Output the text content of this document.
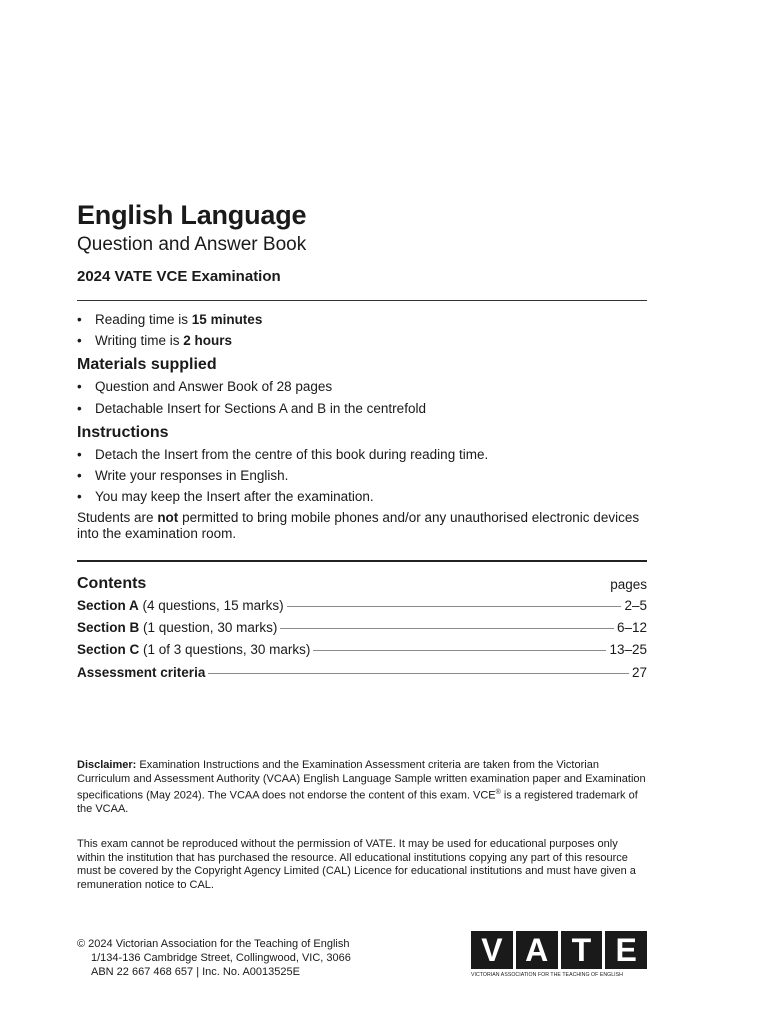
English Language
Question and Answer Book
2024 VATE VCE Examination
• Reading time is 15 minutes
• Writing time is 2 hours
Materials supplied
• Question and Answer Book of 28 pages
• Detachable Insert for Sections A and B in the centrefold
Instructions
• Detach the Insert from the centre of this book during reading time.
• Write your responses in English.
• You may keep the Insert after the examination.
Students are not permitted to bring mobile phones and/or any unauthorised electronic devices into the examination room.
Contents	pages
Section A (4 questions, 15 marks)	2–5
Section B (1 question, 30 marks)	6–12
Section C (1 of 3 questions, 30 marks)	13–25
Assessment criteria	27
Disclaimer: Examination Instructions and the Examination Assessment criteria are taken from the Victorian Curriculum and Assessment Authority (VCAA) English Language Sample written examination paper and Examination specifications (May 2024). The VCAA does not endorse the content of this exam. VCE® is a registered trademark of the VCAA.
This exam cannot be reproduced without the permission of VATE. It may be used for educational purposes only within the institution that has purchased the resource. All educational institutions copying any part of this resource must be covered by the Copyright Agency Limited (CAL) Licence for educational institutions and must have given a remuneration notice to CAL.
© 2024 Victorian Association for the Teaching of English
1/134-136 Cambridge Street, Collingwood, VIC, 3066
ABN 22 667 468 657 | Inc. No. A0013525E
V A T E
VICTORIAN ASSOCIATION FOR THE TEACHING OF ENGLISH
